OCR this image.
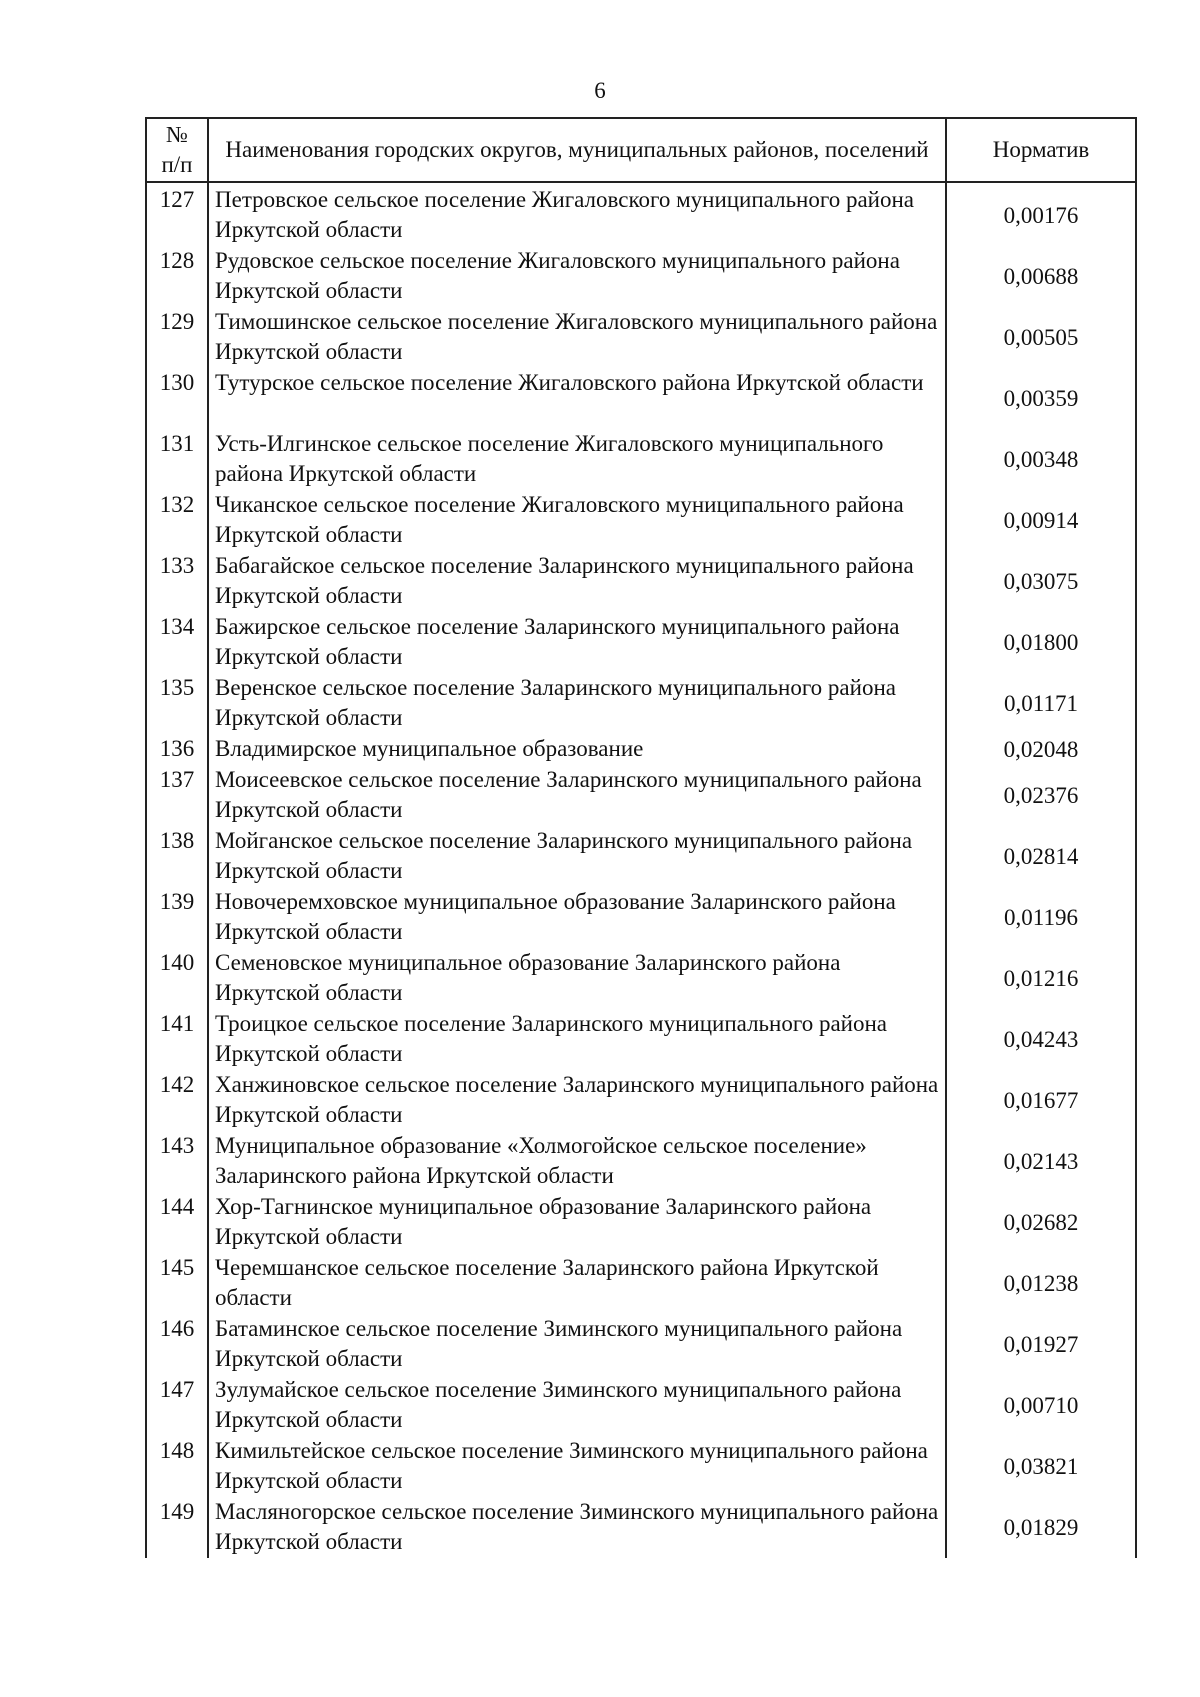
6
№
п/п	Наименования городских округов, муниципальных районов, поселений	Норматив
127	Петровское сельское поселение Жигаловского муниципального района Иркутской области	0,00176
128	Рудовское сельское поселение Жигаловского муниципального района Иркутской области	0,00688
129	Тимошинское сельское поселение Жигаловского муниципального района Иркутской области	0,00505
130	Тутурское сельское поселение Жигаловского района Иркутской области	0,00359
131	Усть-Илгинское сельское поселение Жигаловского муниципального района Иркутской области	0,00348
132	Чиканское сельское поселение Жигаловского муниципального района Иркутской области	0,00914
133	Бабагайское сельское поселение Заларинского муниципального района Иркутской области	0,03075
134	Бажирское сельское поселение Заларинского муниципального района Иркутской области	0,01800
135	Веренское сельское поселение Заларинского муниципального района Иркутской области	0,01171
136	Владимирское муниципальное образование	0,02048
137	Моисеевское сельское поселение Заларинского муниципального района Иркутской области	0,02376
138	Мойганское сельское поселение Заларинского муниципального района Иркутской области	0,02814
139	Новочеремховское муниципальное образование Заларинского района Иркутской области	0,01196
140	Семеновское муниципальное образование Заларинского района Иркутской области	0,01216
141	Троицкое сельское поселение Заларинского муниципального района Иркутской области	0,04243
142	Ханжиновское сельское поселение Заларинского муниципального района Иркутской области	0,01677
143	Муниципальное образование «Холмогойское сельское поселение» Заларинского района Иркутской области	0,02143
144	Хор-Тагнинское муниципальное образование Заларинского района Иркутской области	0,02682
145	Черемшанское сельское поселение Заларинского района Иркутской области	0,01238
146	Батаминское сельское поселение Зиминского муниципального района Иркутской области	0,01927
147	Зулумайское сельское поселение Зиминского муниципального района Иркутской области	0,00710
148	Кимильтейское сельское поселение Зиминского муниципального района Иркутской области	0,03821
149	Масляногорское сельское поселение Зиминского муниципального района Иркутской области	0,01829
